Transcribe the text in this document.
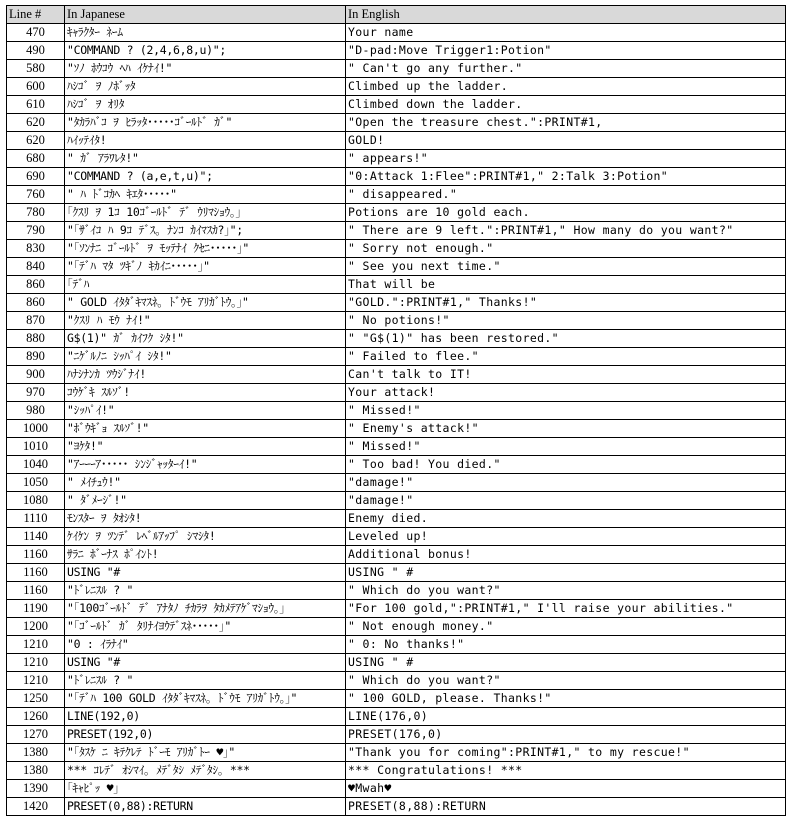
Line #	In Japanese	In English
470	ｷｬﾗｸﾀｰ ﾈｰﾑ	Your name
490	"COMMAND ? (2,4,6,8,u)";	"D-pad:Move Trigger1:Potion"
580	"ｿﾉ ﾎｳｺｳ ﾍﾊ ｲｹﾅｲ!"	" Can't go any further."
600	ﾊｼｺﾞ ｦ ﾉﾎﾞｯﾀ	Climbed up the ladder.
610	ﾊｼｺﾞ ｦ ｵﾘﾀ	Climbed down the ladder.
620	"ﾀｶﾗﾊﾞｺ ｦ ﾋﾗｯﾀ･････ｺﾞｰﾙﾄﾞ ｶﾞ"	"Open the treasure chest.":PRINT#1,
620	ﾊｲｯﾃｲﾀ!	GOLD!
680	" ｶﾞ ｱﾗﾜﾚﾀ!"	" appears!"
690	"COMMAND ? (a,e,t,u)";	"0:Attack 1:Flee":PRINT#1," 2:Talk 3:Potion"
760	" ﾊ ﾄﾞｺｶﾍ ｷｴﾀ･････"	" disappeared."
780	｢ｸｽﾘ ｦ 1ｺ 10ｺﾞｰﾙﾄﾞ ﾃﾞ ｳﾘﾏｼｮｳ｡｣	Potions are 10 gold each.
790	"｢ｻﾞｲｺ ﾊ 9ｺ ﾃﾞｽ｡ ﾅﾝｺ ｶｲﾏｽｶ?｣";	" There are 9 left.":PRINT#1," How many do you want?"
830	"｢ｿﾝﾅﾆ ｺﾞｰﾙﾄﾞ ｦ ﾓｯﾃﾅｲ ｸｾﾆ･････｣"	" Sorry not enough."
840	"｢ﾃﾞﾊ ﾏﾀ ﾂｷﾞﾉ ｷｶｲﾆ･････｣"	" See you next time."
860	｢ﾃﾞﾊ	That will be
860	" GOLD ｲﾀﾀﾞｷﾏｽﾈ｡ ﾄﾞｳﾓ ｱﾘｶﾞﾄｳ｡｣"	"GOLD.":PRINT#1," Thanks!"
870	"ｸｽﾘ ﾊ ﾓｳ ﾅｲ!"	" No potions!"
880	G$(1)" ｶﾞ ｶｲﾌｸ ｼﾀ!"	" "G$(1)" has been restored."
890	"ﾆｹﾞﾙﾉﾆ ｼｯﾊﾟｲ ｼﾀ!"	" Failed to flee."
900	ﾊﾅｼﾅﾝｶ ﾂｳｼﾞﾅｲ!	Can't talk to IT!
970	ｺｳｹﾞｷ ｽﾙｿﾞ!	Your attack!
980	"ｼｯﾊﾟｲ!"	" Missed!"
1000	"ﾎﾞｳｷﾞｮ ｽﾙｿﾞ!"	" Enemy's attack!"
1010	"ﾖｹﾀ!"	" Missed!"
1040	"ｱｰｰｰｱ･････ ｼﾝｼﾞｬｯﾀｰｲ!"	" Too bad! You died."
1050	" ﾒｲﾁｭｳ!"	"damage!"
1080	" ﾀﾞﾒｰｼﾞ!"	"damage!"
1110	ﾓﾝｽﾀｰ ｦ ﾀｵｼﾀ!	Enemy died.
1140	ｹｲｹﾝ ｦ ﾂﾝﾃﾞ ﾚﾍﾞﾙｱｯﾌﾟ ｼﾏｼﾀ!	Leveled up!
1160	ｻﾗﾆ ﾎﾞｰﾅｽ ﾎﾟｲﾝﾄ!	Additional bonus!
1160	USING "#	USING " #
1160	"ﾄﾞﾚﾆｽﾙ ? "	" Which do you want?"
1190	"｢100ｺﾞｰﾙﾄﾞ ﾃﾞ ｱﾅﾀﾉ ﾁｶﾗｦ ﾀｶﾒﾃｱｹﾞﾏｼｮｳ｡｣	"For 100 gold,":PRINT#1," I'll raise your abilities."
1200	"｢ｺﾞｰﾙﾄﾞ ｶﾞ ﾀﾘﾅｲﾖｳﾃﾞｽﾈ･････｣"	" Not enough money."
1210	"0 : ｲﾗﾅｲ"	" 0: No thanks!"
1210	USING "#	USING " #
1210	"ﾄﾞﾚﾆｽﾙ ? "	" Which do you want?"
1250	"｢ﾃﾞﾊ 100 GOLD ｲﾀﾀﾞｷﾏｽﾈ｡ ﾄﾞｳﾓ ｱﾘｶﾞﾄｳ｡｣"	" 100 GOLD, please. Thanks!"
1260	LINE(192,0)	LINE(176,0)
1270	PRESET(192,0)	PRESET(176,0)
1380	"｢ﾀｽｹ ﾆ ｷﾃｸﾚﾃ ﾄﾞｰﾓ ｱﾘｶﾞﾄｰ ♥｣"	"Thank you for coming":PRINT#1," to my rescue!"
1380	*** ｺﾚﾃﾞ ｵｼﾏｲ｡ ﾒﾃﾞﾀｼ ﾒﾃﾞﾀｼ｡ ***	*** Congratulations! ***
1390	｢ｷｬﾋﾟｯ ♥｣	♥Mwah♥
1420	PRESET(0,88):RETURN	PRESET(8,88):RETURN
